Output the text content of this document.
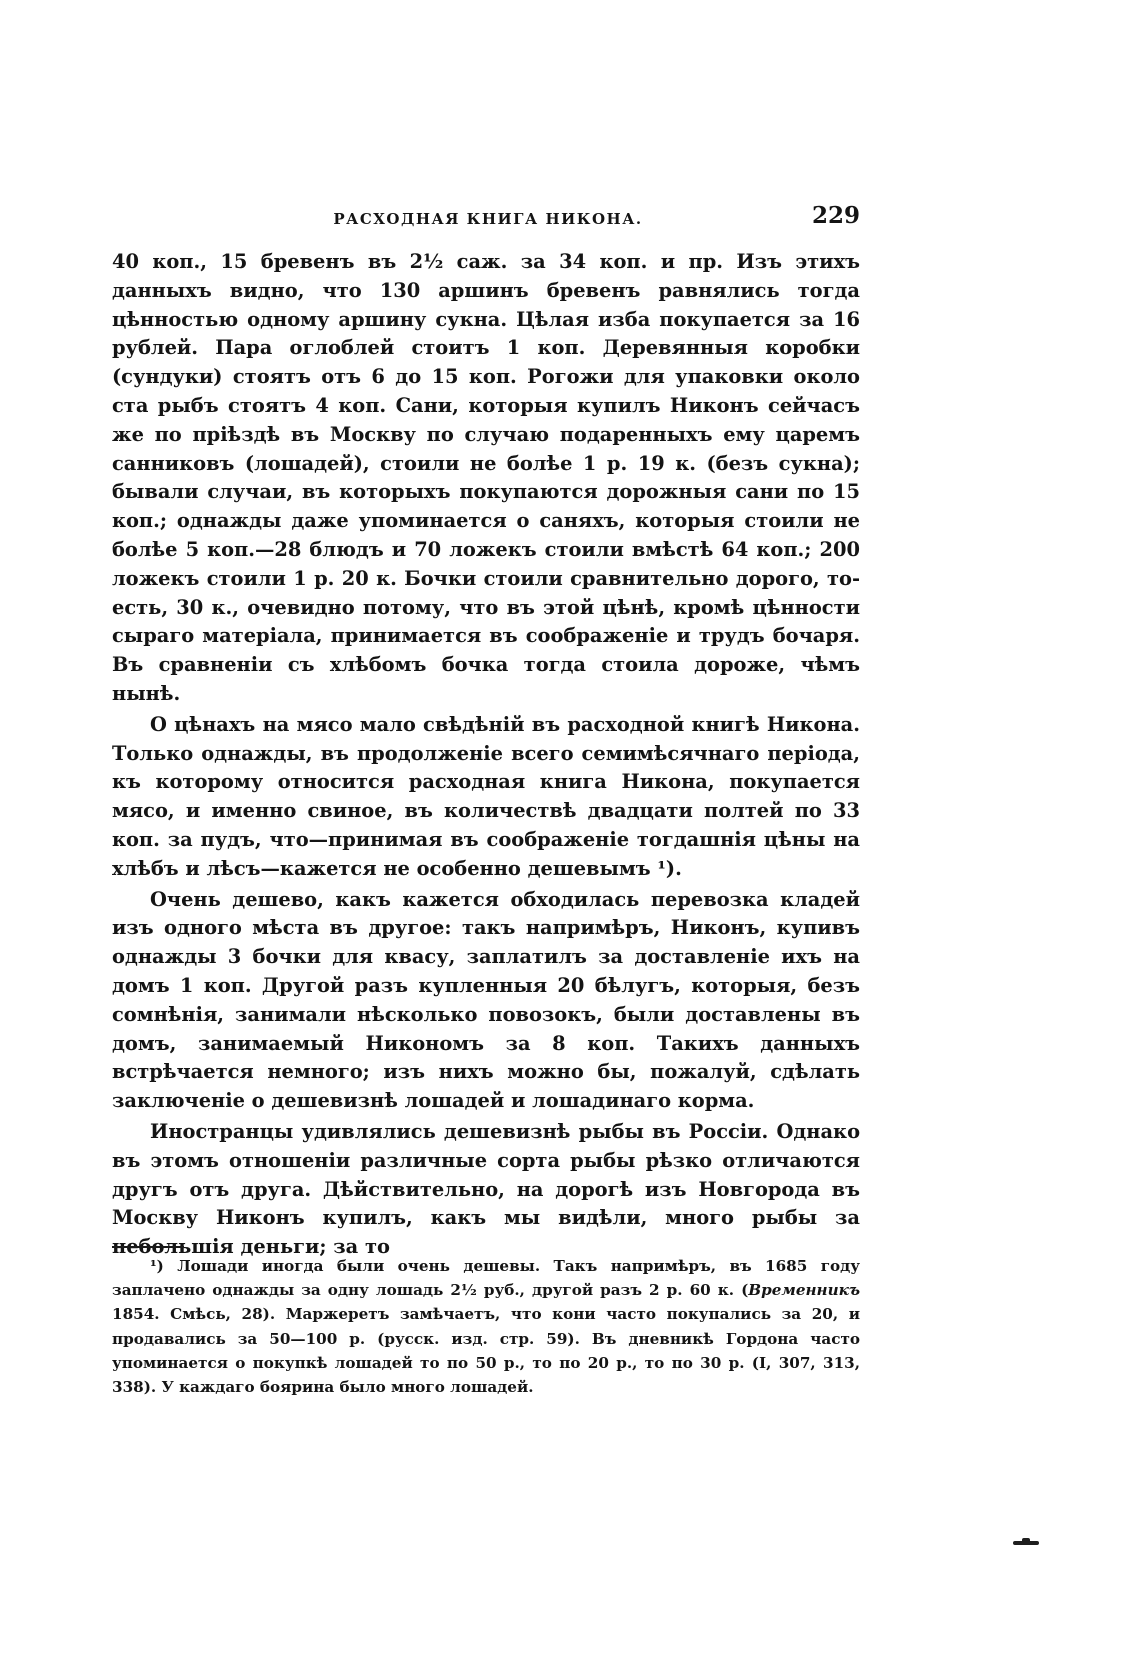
РАСХОДНАЯ КНИГА НИКОНА.	229

40 коп., 15 бревенъ въ 2½ саж. за 34 коп. и пр. Изъ этихъ данныхъ видно, что 130 аршинъ бревенъ равнялись тогда цѣнностью одному аршину сукна. Цѣлая изба покупается за 16 рублей. Пара оглоблей стоитъ 1 коп. Деревянныя коробки (сундуки) стоятъ отъ 6 до 15 коп. Рогожи для упаковки около ста рыбъ стоятъ 4 коп. Сани, которыя купилъ Никонъ сейчасъ же по пріѣздѣ въ Москву по случаю подаренныхъ ему царемъ санниковъ (лошадей), стоили не болѣе 1 р. 19 к. (безъ сукна); бывали случаи, въ которыхъ покупаются дорожныя сани по 15 коп.; однажды даже упоминается о саняхъ, которыя стоили не болѣе 5 коп.—28 блюдъ и 70 ложекъ стоили вмѣстѣ 64 коп.; 200 ложекъ стоили 1 р. 20 к. Бочки стоили сравнительно дорого, то-есть, 30 к., очевидно потому, что въ этой цѣнѣ, кромѣ цѣнности сырагo матеріала, принимается въ соображеніе и трудъ бочаря. Въ сравненіи съ хлѣбомъ бочка тогда стоила дороже, чѣмъ нынѣ.

О цѣнахъ на мясо мало свѣдѣній въ расходной книгѣ Никона. Только однажды, въ продолженіе всего семимѣсячнаго періода, къ которому относится расходная книга Никона, покупается мясо, и именно свиное, въ количествѣ двадцати полтей по 33 коп. за пудъ, что—принимая въ соображеніе тогдашнія цѣны на хлѣбъ и лѣсъ—кажется не особенно дешевымъ ¹).

Очень дешево, какъ кажется обходилась перевозка кладей изъ одного мѣста въ другое: такъ напримѣръ, Никонъ, купивъ однажды 3 бочки для квасу, заплатилъ за доставленіе ихъ на домъ 1 коп. Другой разъ купленныя 20 бѣлугъ, которыя, безъ сомнѣнія, занимали нѣсколько повозокъ, были доставлены въ домъ, занимаемый Никономъ за 8 коп. Такихъ данныхъ встрѣчается немного; изъ нихъ можно бы, пожалуй, сдѣлать заключеніе о дешевизнѣ лошадей и лошадинаго корма.

Иностранцы удивлялись дешевизнѣ рыбы въ Россіи. Однако въ этомъ отношеніи различные сорта рыбы рѣзко отличаются другъ отъ друга. Дѣйствительно, на дорогѣ изъ Новгорода въ Москву Никонъ купилъ, какъ мы видѣли, много рыбы за небольшія деньги; за то

¹) Лошади иногда были очень дешевы. Такъ напримѣръ, въ 1685 году заплачено однажды за одну лошадь 2½ руб., другой разъ 2 р. 60 к. (Временникъ 1854. Смѣсь, 28). Маржеретъ замѣчаетъ, что кони часто покупались за 20, и продавались за 50—100 р. (русск. изд. стр. 59). Въ дневникѣ Гордона часто упоминается о покупкѣ лошадей то по 50 р., то по 20 р., то по 30 р. (I, 307, 313, 338). У каждаго боярина было много лошадей.
